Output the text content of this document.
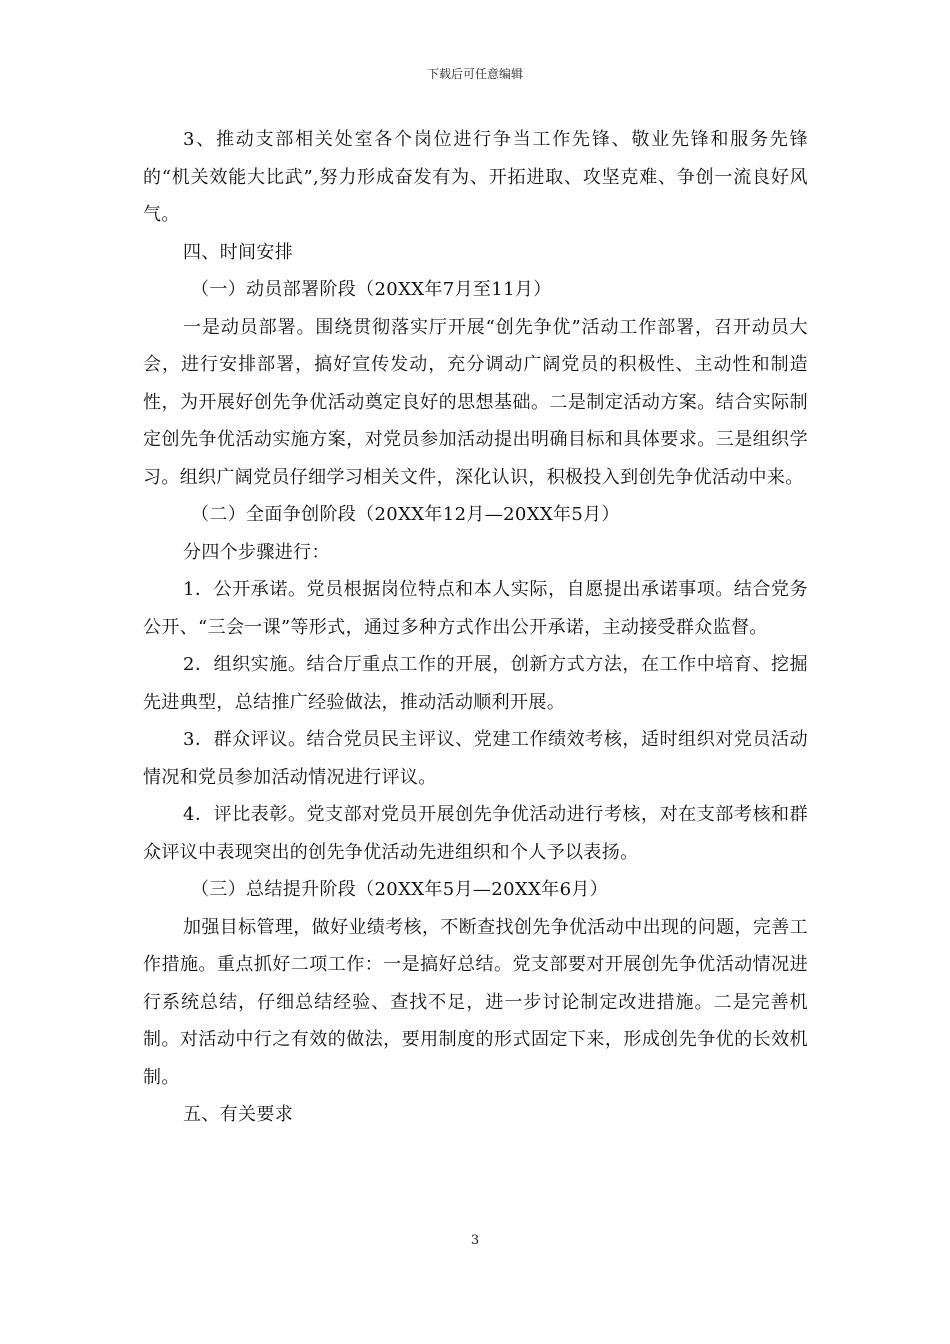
下载后可任意编辑

3、推动支部相关处室各个岗位进行争当工作先锋、敬业先锋和服务先锋的“机关效能大比武”,努力形成奋发有为、开拓进取、攻坚克难、争创一流良好风气。

四、时间安排

（一）动员部署阶段（20XX年7月至11月）

一是动员部署。围绕贯彻落实厅开展“创先争优”活动工作部署，召开动员大会，进行安排部署，搞好宣传发动，充分调动广阔党员的积极性、主动性和制造性，为开展好创先争优活动奠定良好的思想基础。二是制定活动方案。结合实际制定创先争优活动实施方案，对党员参加活动提出明确目标和具体要求。三是组织学习。组织广阔党员仔细学习相关文件，深化认识，积极投入到创先争优活动中来。

（二）全面争创阶段（20XX年12月—20XX年5月）

分四个步骤进行：

1．公开承诺。党员根据岗位特点和本人实际，自愿提出承诺事项。结合党务公开、“三会一课”等形式，通过多种方式作出公开承诺，主动接受群众监督。

2．组织实施。结合厅重点工作的开展，创新方式方法，在工作中培育、挖掘先进典型，总结推广经验做法，推动活动顺利开展。

3．群众评议。结合党员民主评议、党建工作绩效考核，适时组织对党员活动情况和党员参加活动情况进行评议。

4．评比表彰。党支部对党员开展创先争优活动进行考核，对在支部考核和群众评议中表现突出的创先争优活动先进组织和个人予以表扬。

（三）总结提升阶段（20XX年5月—20XX年6月）

加强目标管理，做好业绩考核，不断查找创先争优活动中出现的问题，完善工作措施。重点抓好二项工作：一是搞好总结。党支部要对开展创先争优活动情况进行系统总结，仔细总结经验、查找不足，进一步讨论制定改进措施。二是完善机制。对活动中行之有效的做法，要用制度的形式固定下来，形成创先争优的长效机制。

五、有关要求

3
